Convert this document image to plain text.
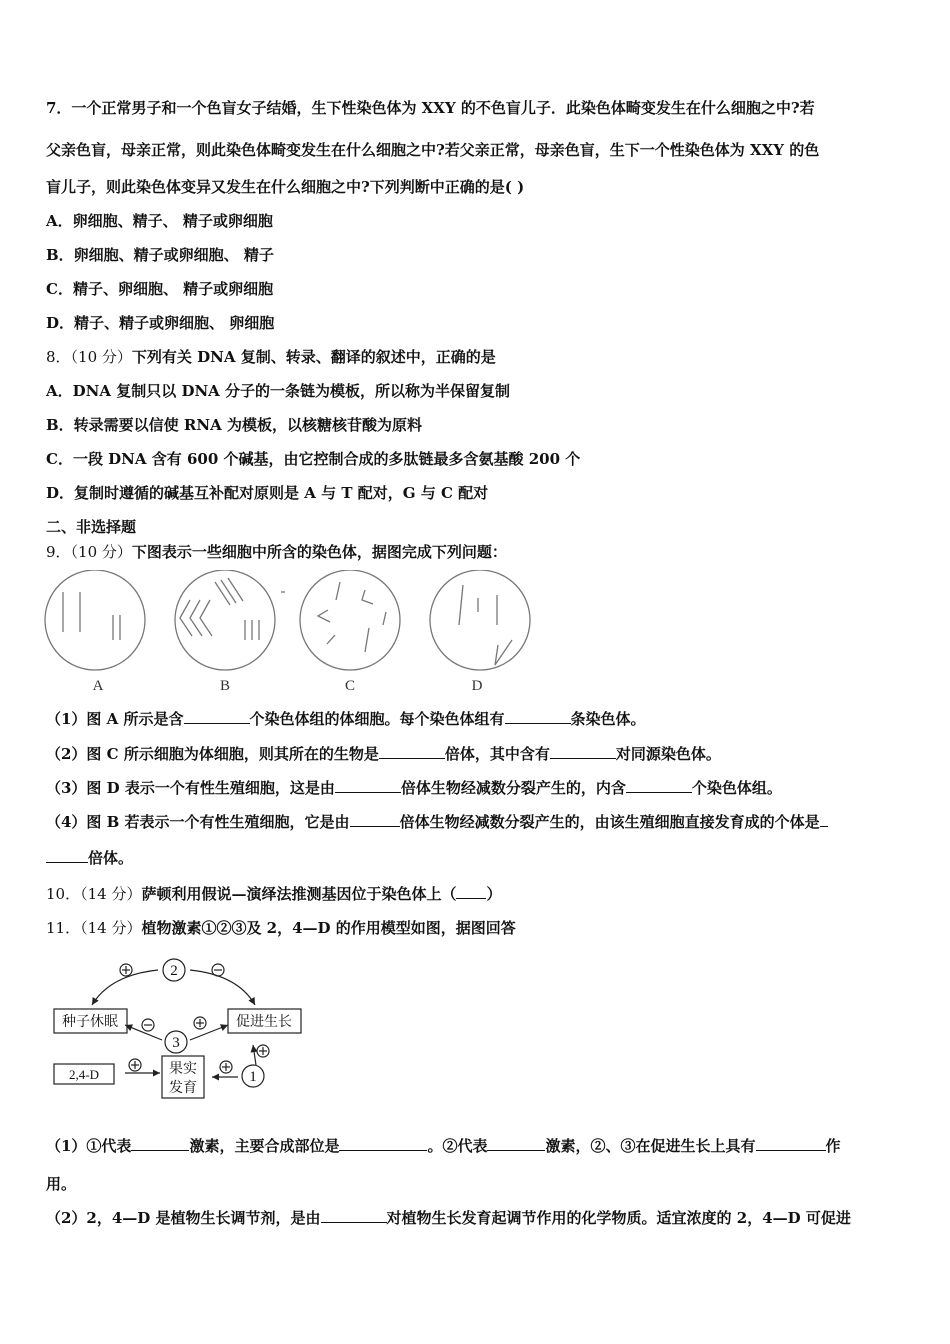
7．一个正常男子和一个色盲女子结婚，生下性染色体为 XXY 的不色盲儿子．此染色体畸变发生在什么细胞之中?若
父亲色盲，母亲正常，则此染色体畸变发生在什么细胞之中?若父亲正常，母亲色盲，生下一个性染色体为 XXY 的色
盲儿子，则此染色体变异又发生在什么细胞之中?下列判断中正确的是( )
A．卵细胞、精子、 精子或卵细胞
B．卵细胞、精子或卵细胞、 精子
C．精子、卵细胞、 精子或卵细胞
D．精子、精子或卵细胞、 卵细胞
8．（10 分）下列有关 DNA 复制、转录、翻译的叙述中，正确的是
A．DNA 复制只以 DNA 分子的一条链为模板，所以称为半保留复制
B．转录需要以信使 RNA 为模板，以核糖核苷酸为原料
C．一段 DNA 含有 600 个碱基，由它控制合成的多肽链最多含氨基酸 200 个
D．复制时遵循的碱基互补配对原则是 A 与 T 配对，G 与 C 配对
二、非选择题
9．（10 分）下图表示一些细胞中所含的染色体，据图完成下列问题：
A	B	C	D
（1）图 A 所示是含	个染色体组的体细胞。每个染色体组有	条染色体。
（2）图 C 所示细胞为体细胞，则其所在的生物是	倍体，其中含有	对同源染色体。
（3）图 D 表示一个有性生殖细胞，这是由	倍体生物经减数分裂产生的，内含	个染色体组。
（4）图 B 若表示一个有性生殖细胞，它是由	倍体生物经减数分裂产生的，由该生殖细胞直接发育成的个体是
倍体。
10．（14 分）萨顿利用假说—演绎法推测基因位于染色体上（ ）
11．（14 分）植物激素①②③及 2，4—D 的作用模型如图，据图回答
2
3
1
种子休眠	促进生长
果实
发育
2,4-D
（1）①代表	激素，主要合成部位是	。②代表	激素，②、③在促进生长上具有	作
用。
（2）2，4—D 是植物生长调节剂，是由	对植物生长发育起调节作用的化学物质。适宜浓度的 2，4—D 可促进
